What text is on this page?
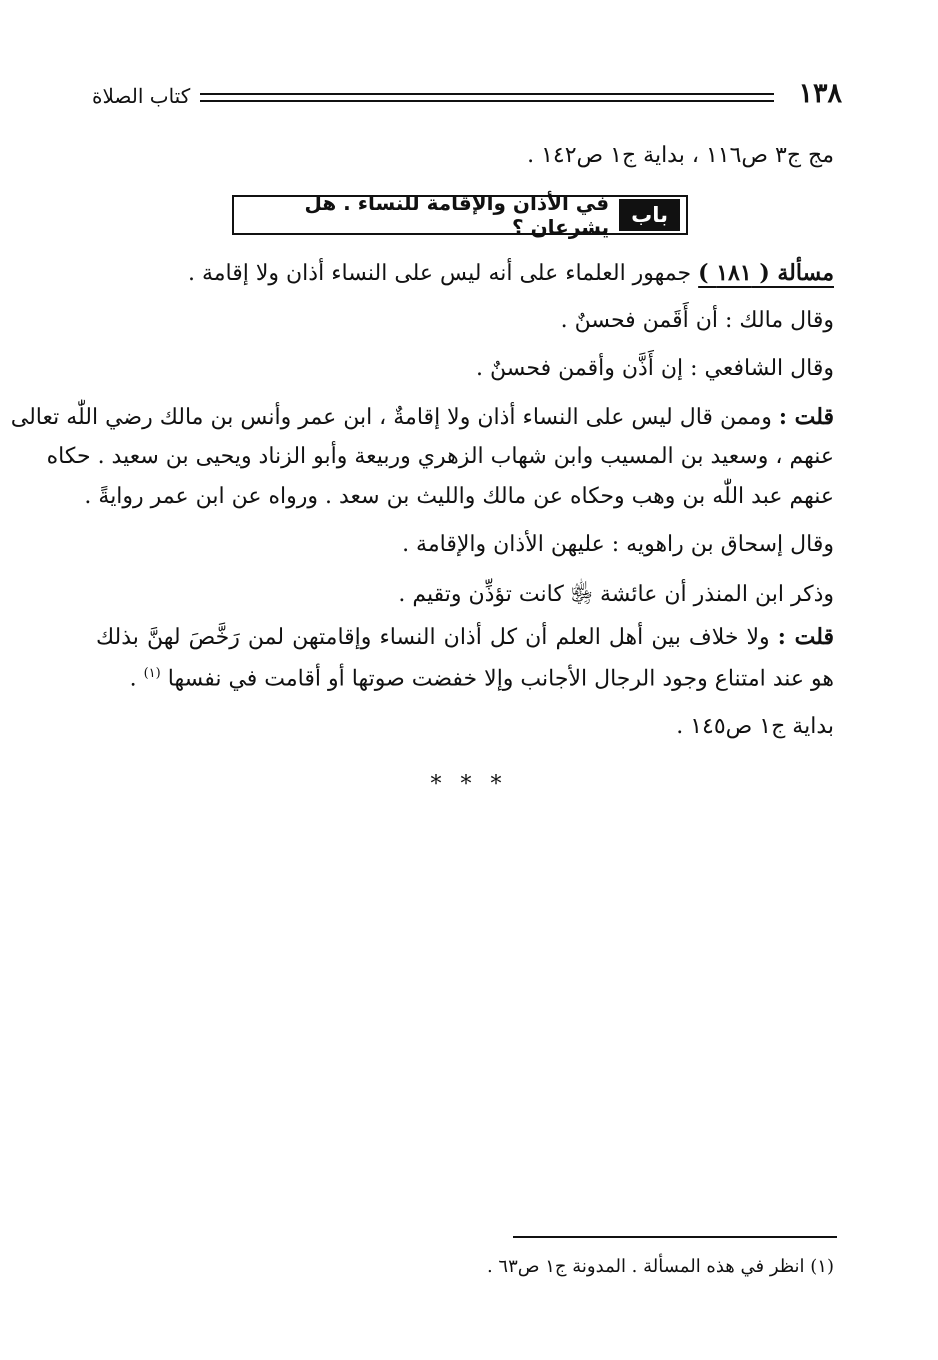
١٣٨
كتاب الصلاة
مج ج٣ ص١١٦ ، بداية ج١ ص١٤٢ .
باب
في الأذان والإقامة للنساء . هل يشرعان ؟
مسألة ( ١٨١ ) جمهور العلماء على أنه ليس على النساء أذان ولا إقامة .
وقال مالك : أن أَقَمن فحسنٌ .
وقال الشافعي : إن أَذَّن وأقمن فحسنٌ .
قلت : وممن قال ليس على النساء أذان ولا إقامةٌ ، ابن عمر وأنس بن مالك رضي اللّٰه تعالى
عنهم ، وسعيد بن المسيب وابن شهاب الزهري وربيعة وأبو الزناد ويحيى بن سعيد . حكاه
عنهم عبد اللّٰه بن وهب وحكاه عن مالك والليث بن سعد . ورواه عن ابن عمر روايةً .
وقال إسحاق بن راهويه : عليهن الأذان والإقامة .
وذكر ابن المنذر أن عائشة ﵂ كانت تؤذِّن وتقيم .
قلت : ولا خلاف بين أهل العلم أن كل أذان النساء وإقامتهن لمن رَخَّصَ لهنَّ بذلك
هو عند امتناع وجود الرجال الأجانب وإلا خفضت صوتها أو أقامت في نفسها $^{(١)}$ .
بداية ج١ ص١٤٥ .
* * *
(١) انظر في هذه المسألة . المدونة ج١ ص٦٣ .
